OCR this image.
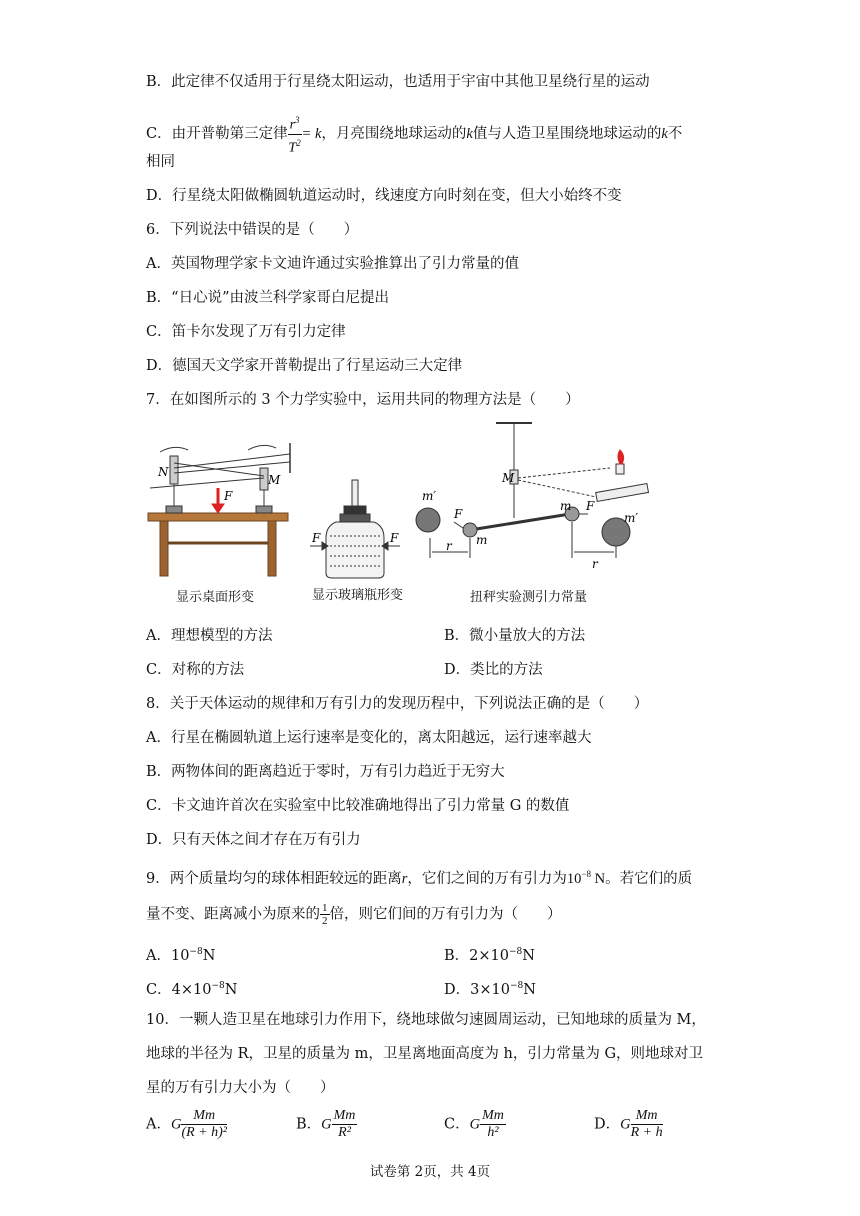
B．此定律不仅适用于行星绕太阳运动，也适用于宇宙中其他卫星绕行星的运动
C．由开普勒第三定律 $\frac{r^3}{T^2} = k$，月亮围绕地球运动的k值与人造卫星围绕地球运动的k不
相同
D．行星绕太阳做椭圆轨道运动时，线速度方向时刻在变，但大小始终不变
6．下列说法中错误的是（　　）
A．英国物理学家卡文迪许通过实验推算出了引力常量的值
B．“日心说”由波兰科学家哥白尼提出
C．笛卡尔发现了万有引力定律
D．德国天文学家开普勒提出了行星运动三大定律
7．在如图所示的 3 个力学实验中，运用共同的物理方法是（　　）
N
M
F
F	F
m′
m′
m
m
F
F
r
r
M
显示桌面形变	显示玻璃瓶形变	扭秤实验测引力常量
A．理想模型的方法	B．微小量放大的方法
C．对称的方法	D．类比的方法
8．关于天体运动的规律和万有引力的发现历程中，下列说法正确的是（　　）
A．行星在椭圆轨道上运行速率是变化的，离太阳越远，运行速率越大
B．两物体间的距离趋近于零时，万有引力趋近于无穷大
C．卡文迪许首次在实验室中比较准确地得出了引力常量 G 的数值
D．只有天体之间才存在万有引力
9．两个质量均匀的球体相距较远的距离r，它们之间的万有引力为$10^{-8}$ N。若它们的质
量不变、距离减小为原来的 $\frac{1}{2}$ 倍，则它们间的万有引力为（　　）
A．$10^{-8}N$	B．$2\times 10^{-8}N$
C．$4\times 10^{-8}N$	D．$3\times 10^{-8}N$
10．一颗人造卫星在地球引力作用下，绕地球做匀速圆周运动，已知地球的质量为 M，
地球的半径为 R，卫星的质量为 m，卫星离地面高度为 h，引力常量为 G，则地球对卫
星的万有引力大小为（　　）
A．G $\frac{Mm}{\text{(R + h)²}}$	B．G $\frac{Mm}{\text{R²}}$	C．G $\frac{Mm}{\text{h²}}$	D．G $\frac{Mm}{R + h}$
试卷第 2页，共 4页
